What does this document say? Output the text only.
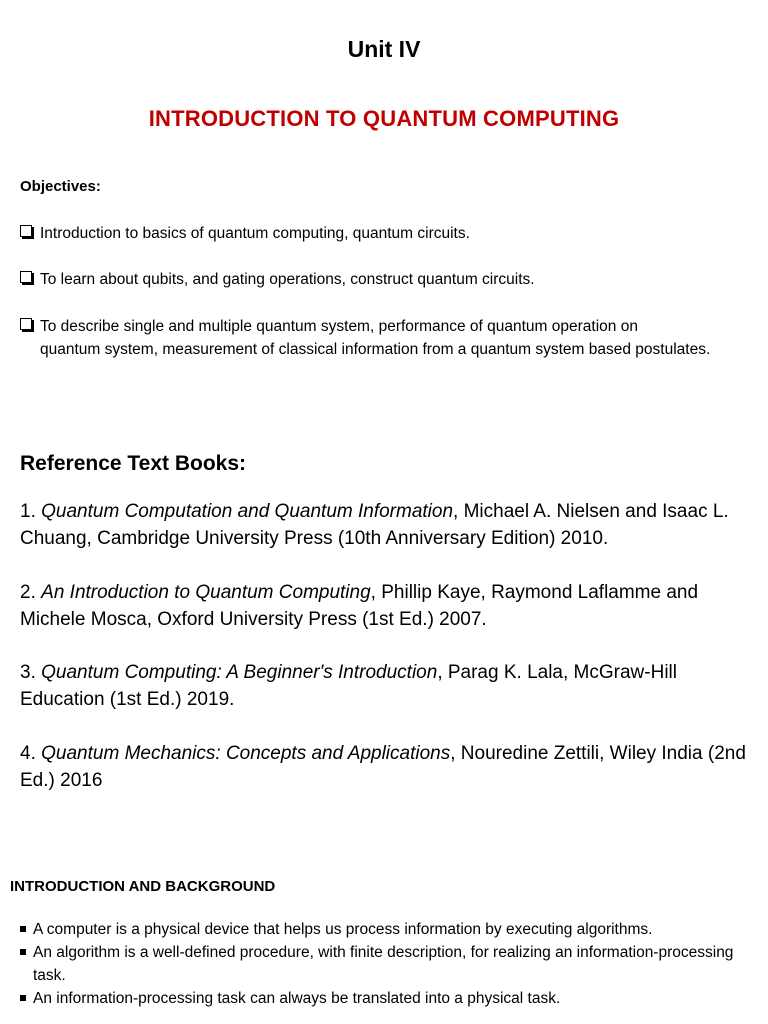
Unit IV
INTRODUCTION TO QUANTUM COMPUTING
Objectives:
Introduction to basics of quantum computing, quantum circuits.
To learn about qubits, and gating operations, construct quantum circuits.
To describe single and multiple quantum system, performance of quantum operation on
quantum system, measurement of classical information from a quantum system based postulates.
Reference Text Books:
1. Quantum Computation and Quantum Information, Michael A. Nielsen and Isaac L. Chuang, Cambridge University Press (10th Anniversary Edition) 2010.
2. An Introduction to Quantum Computing, Phillip Kaye, Raymond Laflamme and Michele Mosca, Oxford University Press (1st Ed.) 2007.
3. Quantum Computing: A Beginner's Introduction, Parag K. Lala, McGraw-Hill Education (1st Ed.) 2019.
4. Quantum Mechanics: Concepts and Applications, Nouredine Zettili, Wiley India (2nd Ed.) 2016
INTRODUCTION AND BACKGROUND
A computer is a physical device that helps us process information by executing algorithms.
An algorithm is a well-defined procedure, with finite description, for realizing an information-processing task.
An information-processing task can always be translated into a physical task.
